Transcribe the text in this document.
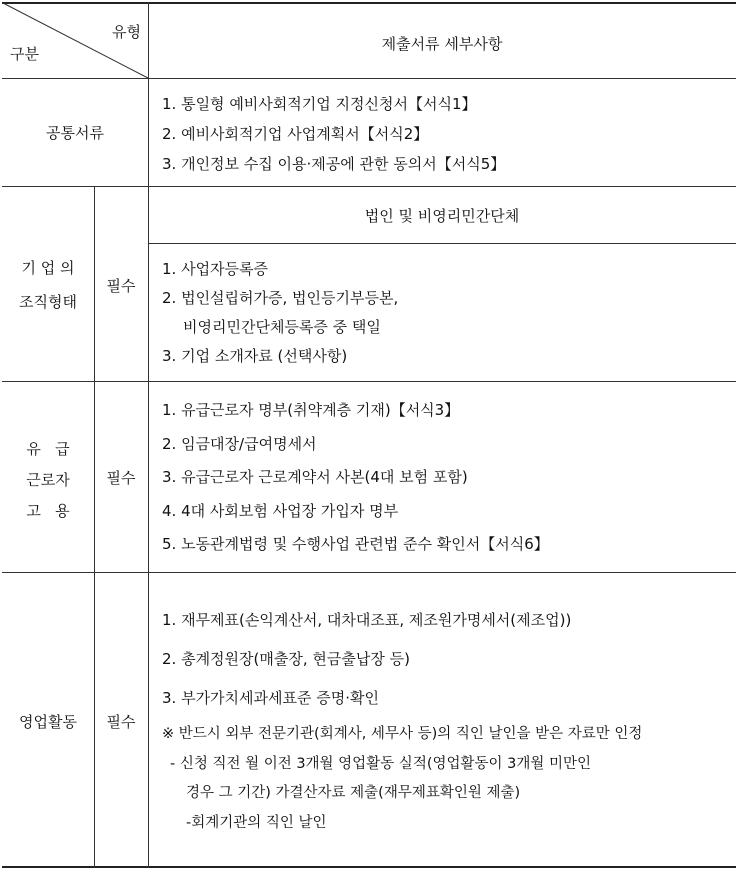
유형
구분
제출서류 세부사항
공통서류
1. 통일형 예비사회적기업 지정신청서【서식1】
2. 예비사회적기업 사업계획서【서식2】
3. 개인정보 수집 이용·제공에 관한 동의서【서식5】
기 업 의
조직형태
필수
법인 및 비영리민간단체
1. 사업자등록증
2. 법인설립허가증, 법인등기부등본,
비영리민간단체등록증 중 택일
3. 기업 소개자료 (선택사항)
유   급
근로자
고   용
필수
1. 유급근로자 명부(취약계층 기재)【서식3】
2. 임금대장/급여명세서
3. 유급근로자 근로계약서 사본(4대 보험 포함)
4. 4대 사회보험 사업장 가입자 명부
5. 노동관계법령 및 수행사업 관련법 준수 확인서【서식6】
영업활동	필수
1. 재무제표(손익계산서, 대차대조표, 제조원가명세서(제조업))
2. 총계정원장(매출장, 현금출납장 등)
3. 부가가치세과세표준 증명·확인
※ 반드시 외부 전문기관(회계사, 세무사 등)의 직인 날인을 받은 자료만 인정
- 신청 직전 월 이전 3개월 영업활동 실적(영업활동이 3개월 미만인
경우 그 기간) 가결산자료 제출(재무제표확인원 제출)
-회계기관의 직인 날인
